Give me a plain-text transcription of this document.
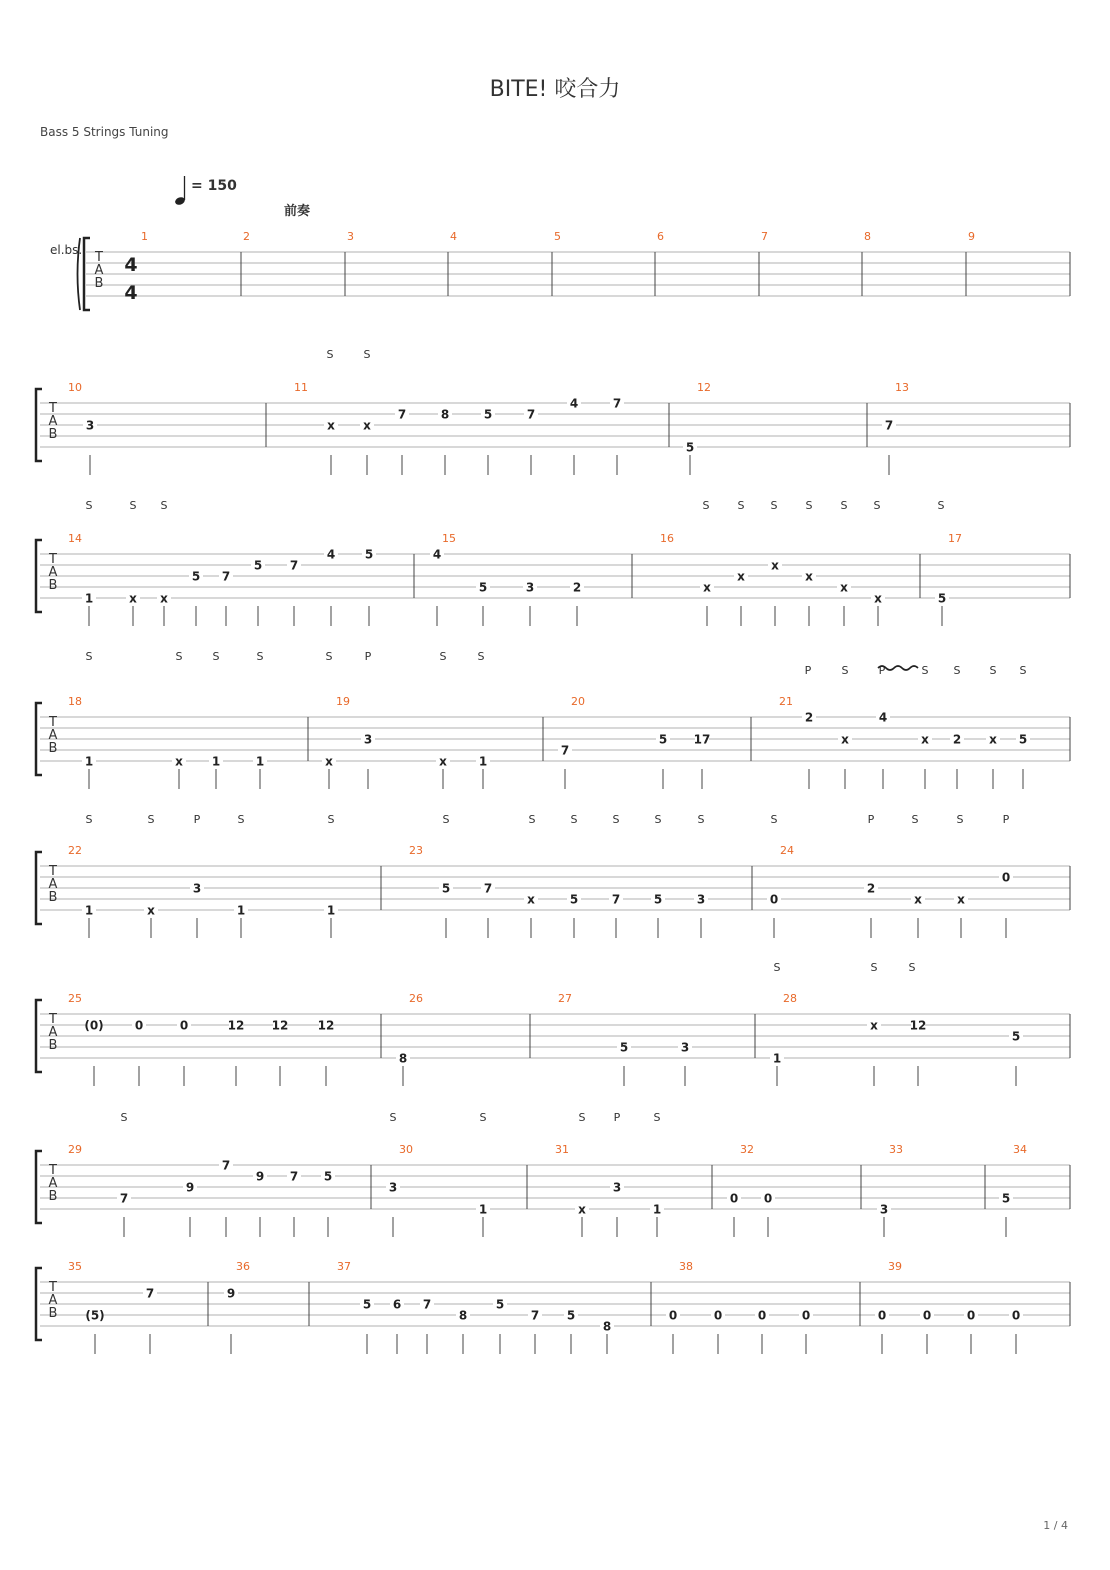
BITE! 咬合力
Bass 5 Strings Tuning
= 150
前奏
el.bs. T
A
B
4
4
1	2	3	4	5	6	7	8	9
T
A
B
10
3
11
x x
7	8	5	7
4	7
12
5
13
7
S	S
T
A
B
14
1	x x
5 7
5 7
4 5
15
4
5	3	2
16
x
x
x
x
x
x
17
5
S	S S	S	S S	S	S S	S
T
A
B
18
1	x 1	1
19
x
3
x	1
20
7
5 17
21
2
x
4
x 2 x 5
S	S	S	S	S	P	S	S
P	S	P	S S	S S
T
A
B
22
1	x
3
1	1
23
5	7
x	5	7	5	3
24
0
2
x	x
0
S	S	P	S	S	S	S	S	S	S	S	S	P	S	S	P
T
A
B
25
(0)	0	0	12 12 12
26
8
27
5	3
28
1
x	12
5
S	S	S
T
A
B
29
7
9
7
9 7 5
30
3
1
31
x
3
1
32
0 0
33
3
34
5
S	S	S	S	P	S
T
A
B
35
(5)
7
36
9
37
5 6 7
8
5
7 5
8
38
0	0	0	0
39
0	0	0	0
1 / 4
